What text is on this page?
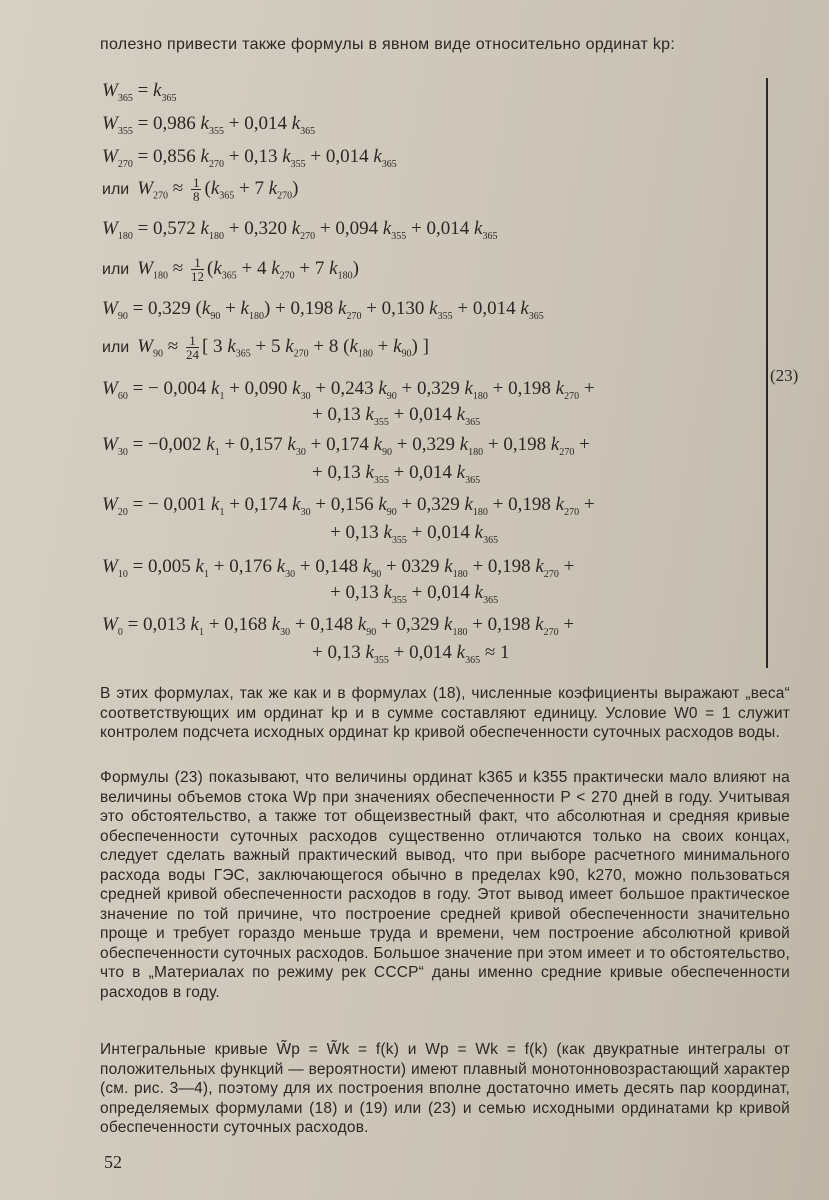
полезно привести также формулы в явном виде относительно ординат kp:
$W_{365} = k_{365}$
$W_{355} = 0,986$ $k_{355} + 0,014$ $k_{365}$
$W_{270} = 0,856$ $k_{270} + 0,13$ $k_{355} + 0,014$ $k_{365}$
или $W_{270} \approx \frac{1}{8} (k_{365} + 7$ $k_{270}$)
$W_{180} = 0,572$ $k_{180} + 0,320$ $k_{270} + 0,094$ $k_{355} + 0,014$ $k_{365}$
или $W_{180} \approx \frac{1}{12} (k_{365} + 4$ $k_{270} + 7$ $k_{180}$)
$W_{90} = 0,329$ $(k_{90} + k_{180}) + 0,198$ $k_{270} + 0,130$ $k_{355} + 0,014$ $k_{365}$
или $W_{90} \approx \frac{1}{24}$ [ 3 $k_{365} + 5$ $k_{270} + 8$ $(k_{180} + k_{90})$ ]
$W_{60}$ = − 0,004 $k_1 + 0,090$ $k_{30} + 0,243$ $k_{90} + 0,329$ $k_{180} + 0,198$ $k_{270}$ +
+ 0,13 $k_{355} + 0,014$ $k_{365}$
$W_{30} = -0,002$ $k_1 + 0,157$ $k_{30} + 0,174$ $k_{90} + 0,329$ $k_{180} + 0,198$ $k_{270}$ +
+ 0,13 $k_{355} + 0,014$ $k_{365}$
$W_{20}$ = − 0,001 $k_1 + 0,174$ $k_{30} + 0,156$ $k_{90} + 0,329$ $k_{180} + 0,198$ $k_{270}$ +
+ 0,13 $k_{355} + 0,014$ $k_{365}$
$W_{10} = 0,005$ $k_1 + 0,176$ $k_{30} + 0,148$ $k_{90} + 0329$ $k_{180} + 0,198$ $k_{270}$ +
+ 0,13 $k_{355} + 0,014$ $k_{365}$
$W_0 = 0,013$ $k_1 + 0,168$ $k_{30} + 0,148$ $k_{90} + 0,329$ $k_{180} + 0,198$ $k_{270}$ +
+ 0,13 $k_{355} + 0,014$ $k_{365} \approx 1$
(23)
В этих формулах, так же как и в формулах (18), численные коэфициенты выражают „веса“ соответствующих им ординат kp и в сумме составляют единицу. Условие W0 = 1 служит контролем подсчета исходных ординат kp кривой обеспеченности суточных расходов воды.
Формулы (23) показывают, что величины ординат k365 и k355 практически мало влияют на величины объемов стока Wp при значениях обеспеченности P < 270 дней в году. Учитывая это обстоятельство, а также тот общеизвестный факт, что абсолютная и средняя кривые обеспеченности суточных расходов существенно отличаются только на своих концах, следует сделать важный практический вывод, что при выборе расчетного минимального расхода воды ГЭС, заключающегося обычно в пределах k90, k270, можно пользоваться средней кривой обеспеченности расходов в году. Этот вывод имеет большое практическое значение по той причине, что построение средней кривой обеспеченности значительно проще и требует гораздо меньше труда и времени, чем построение абсолютной кривой обеспеченности суточных расходов. Большое значение при этом имеет и то обстоятельство, что в „Материалах по режиму рек СССР“ даны именно средние кривые обеспеченности расходов в году.
Интегральные кривые W̃p = W̃k = f(k) и Wp = Wk = f(k) (как двукратные интегралы от положительных функций — вероятности) имеют плавный монотонновозрастающий характер (см. рис. 3—4), поэтому для их построения вполне достаточно иметь десять пар координат, определяемых формулами (18) и (19) или (23) и семью исходными ординатами kp кривой обеспеченности суточных расходов.
52
